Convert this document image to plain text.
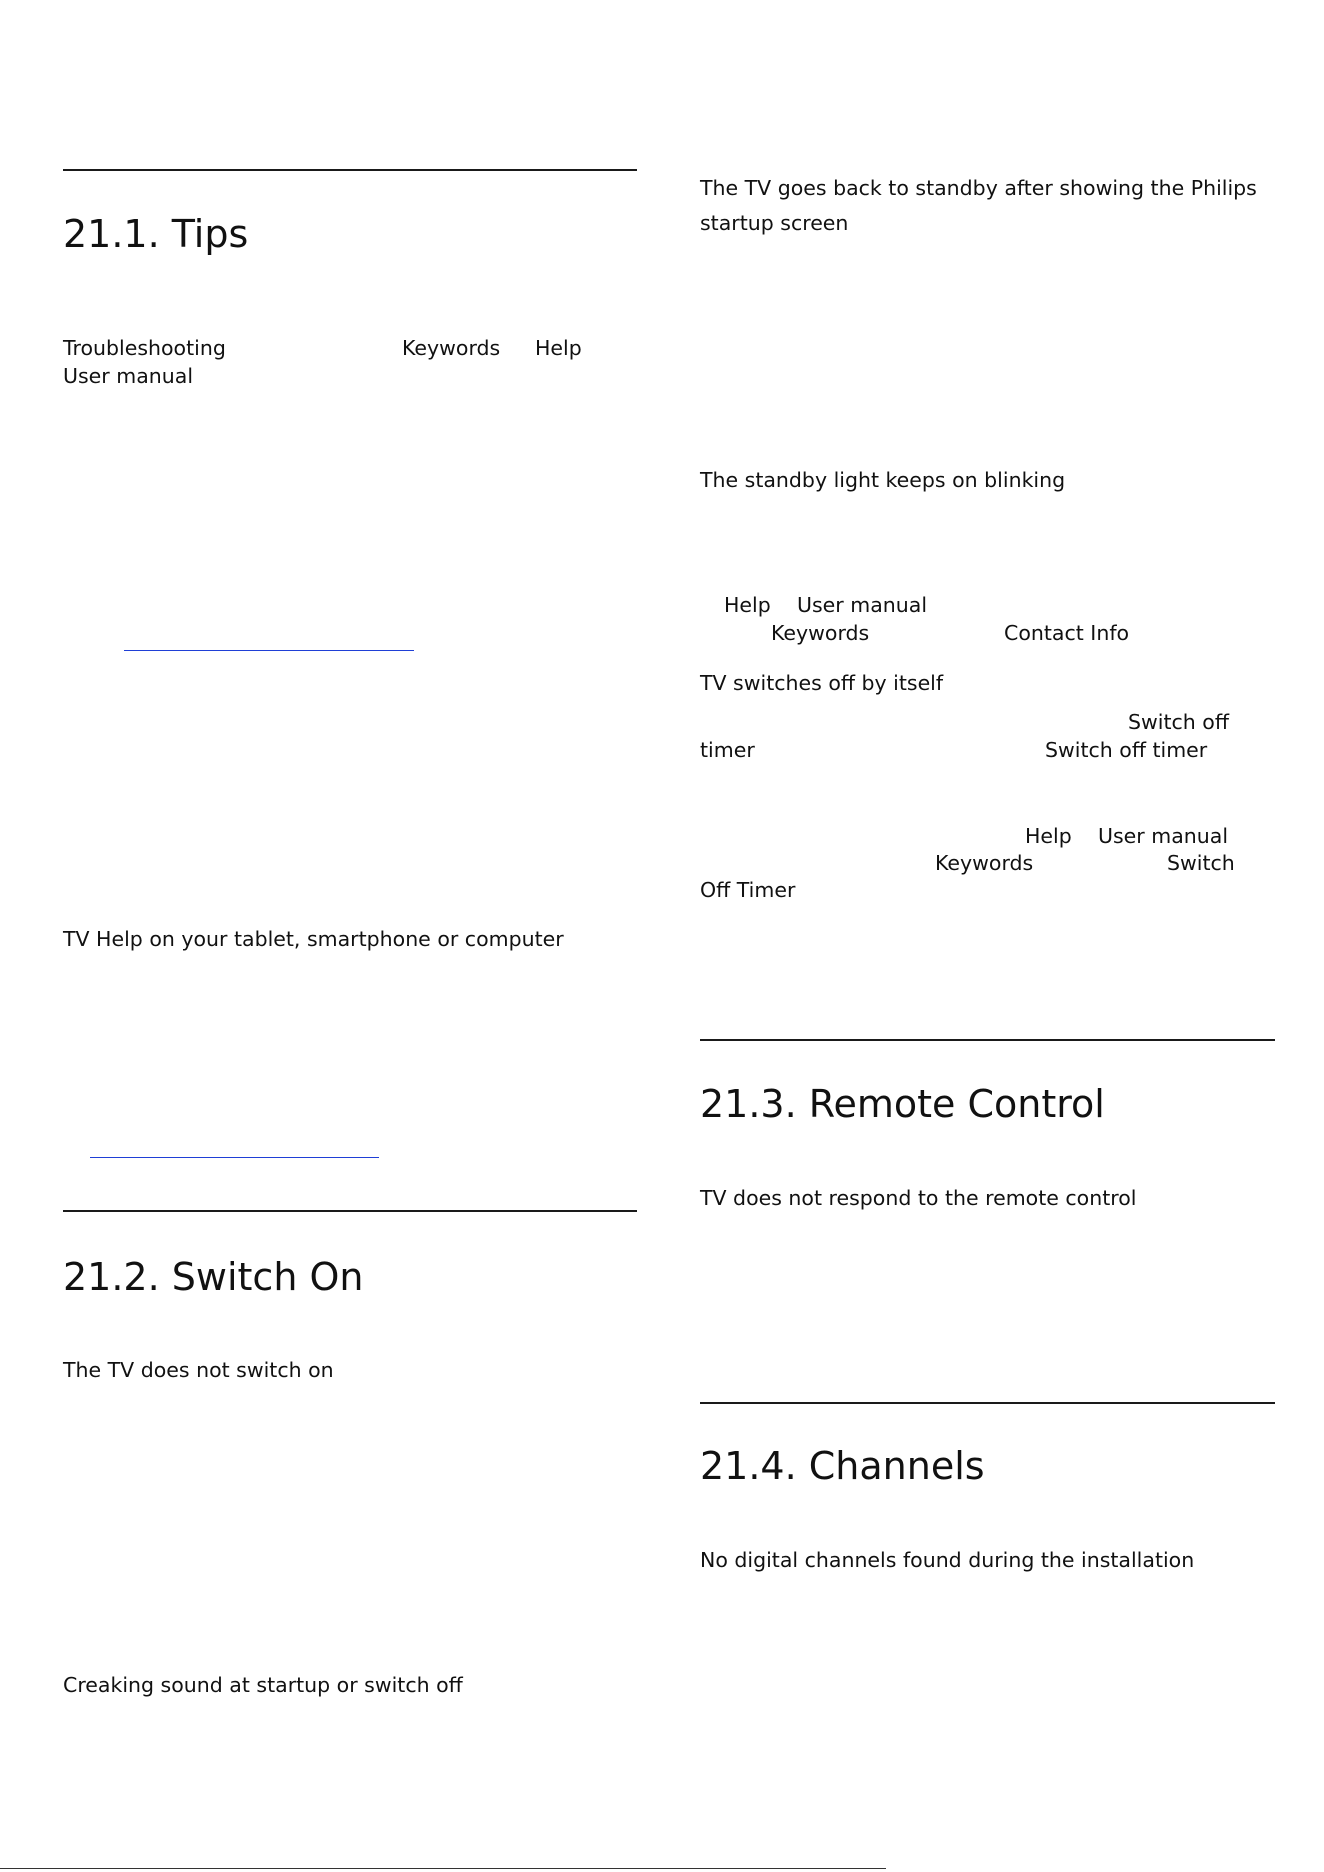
21.1. Tips
Troubleshooting	Keywords Help
User manual
TV Help on your tablet, smartphone or computer
21.2. Switch On
The TV does not switch on
Creaking sound at startup or switch off
The TV goes back to standby after showing the Philips
startup screen
The standby light keeps on blinking
Help User manual
Keywords	Contact Info
TV switches off by itself
Switch off
timer	Switch off timer
Help User manual
Keywords	Switch
Off Timer
21.3. Remote Control
TV does not respond to the remote control
21.4. Channels
No digital channels found during the installation
